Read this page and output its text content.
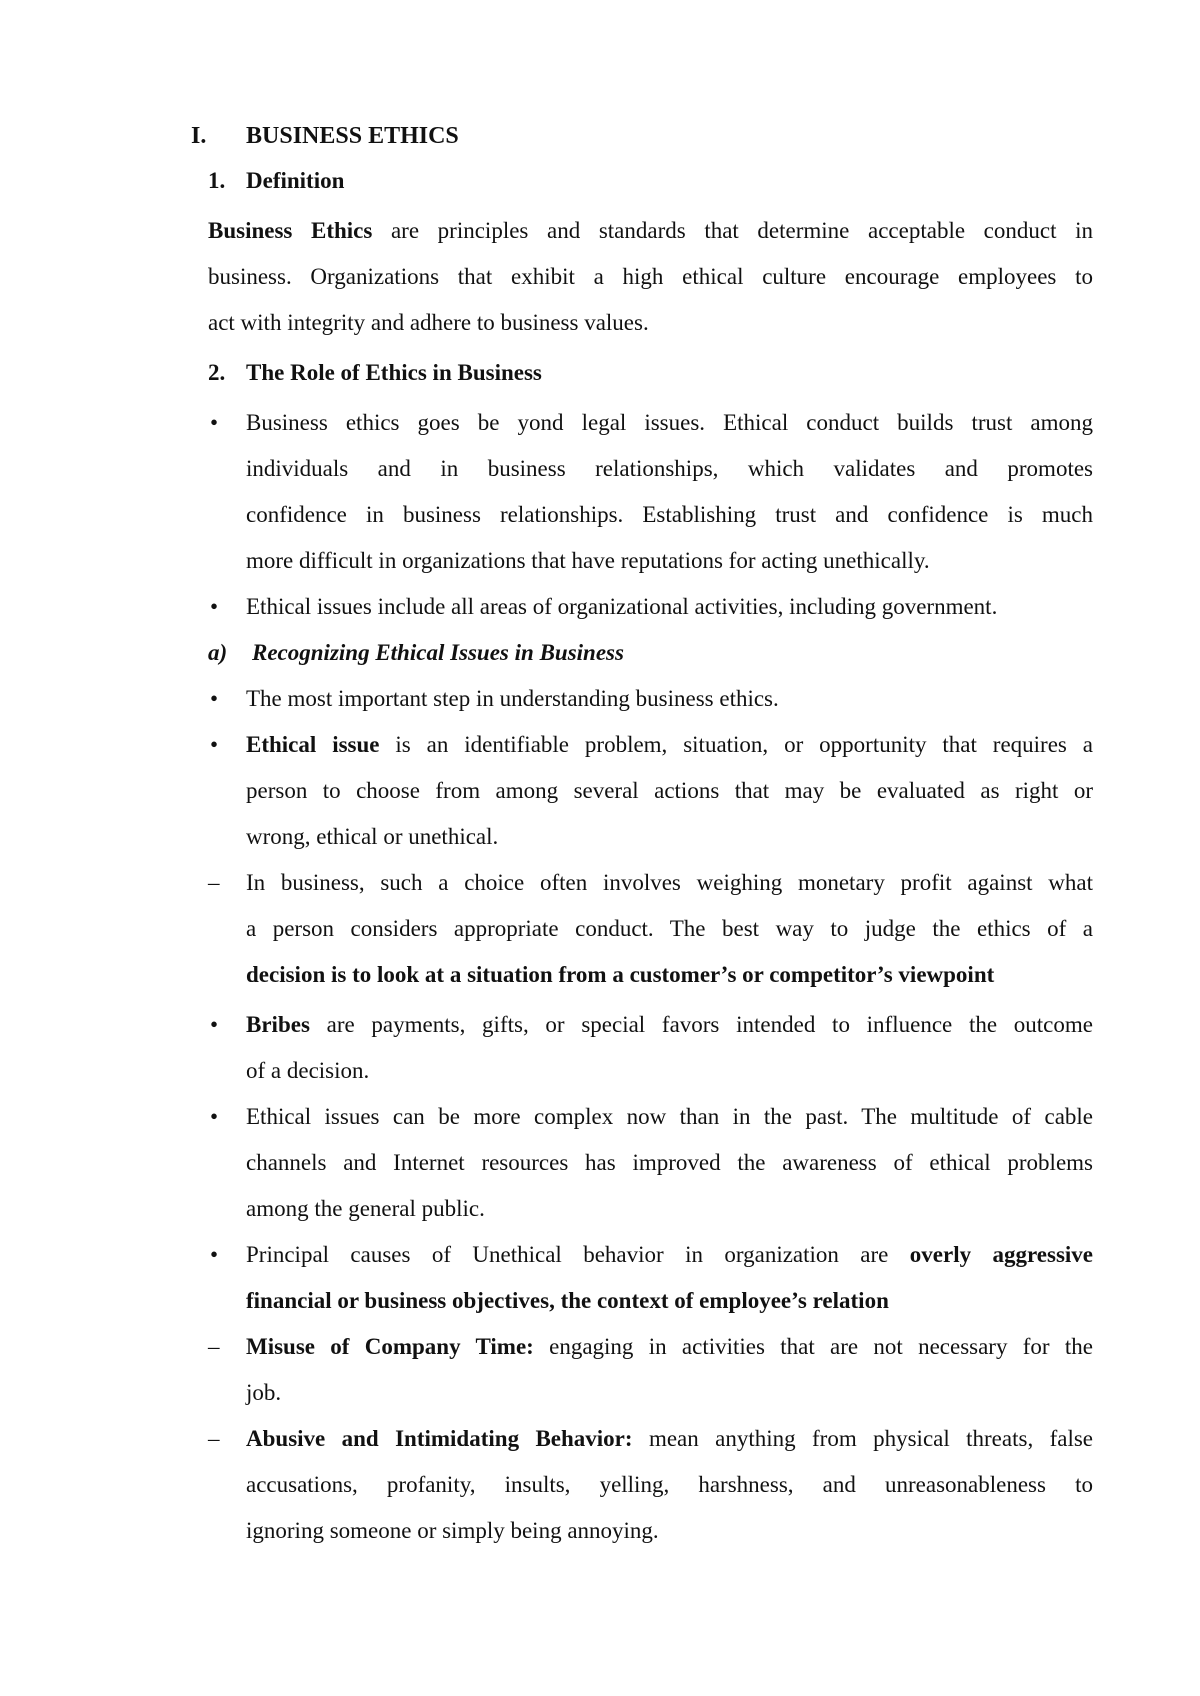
I. BUSINESS ETHICS
1. Definition
Business Ethics are principles and standards that determine acceptable conduct in
business. Organizations that exhibit a high ethical culture encourage employees to
act with integrity and adhere to business values.
2. The Role of Ethics in Business
• Business ethics goes be yond legal issues. Ethical conduct builds trust among
individuals and in business relationships, which validates and promotes
confidence in business relationships. Establishing trust and confidence is much
more difficult in organizations that have reputations for acting unethically.
• Ethical issues include all areas of organizational activities, including government.
a) Recognizing Ethical Issues in Business
• The most important step in understanding business ethics.
• Ethical issue is an identifiable problem, situation, or opportunity that requires a
person to choose from among several actions that may be evaluated as right or
wrong, ethical or unethical.
– In business, such a choice often involves weighing monetary profit against what
a person considers appropriate conduct. The best way to judge the ethics of a
decision is to look at a situation from a customer’s or competitor’s viewpoint
• Bribes are payments, gifts, or special favors intended to influence the outcome
of a decision.
• Ethical issues can be more complex now than in the past. The multitude of cable
channels and Internet resources has improved the awareness of ethical problems
among the general public.
• Principal causes of Unethical behavior in organization are overly aggressive
financial or business objectives, the context of employee’s relation
– Misuse of Company Time: engaging in activities that are not necessary for the
job.
– Abusive and Intimidating Behavior: mean anything from physical threats, false
accusations, profanity, insults, yelling, harshness, and unreasonableness to
ignoring someone or simply being annoying.
